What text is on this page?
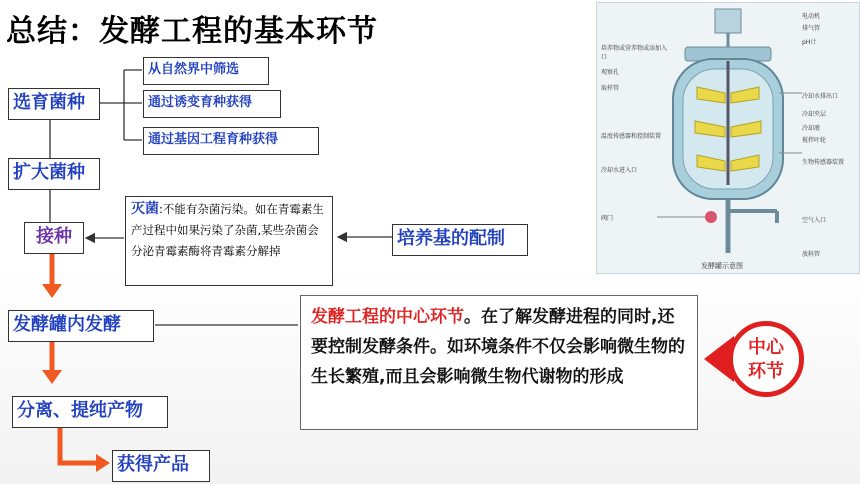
总结：发酵工程的基本环节
选育菌种
从自然界中筛选
通过诱变育种获得
通过基因工程育种获得
扩大菌种
接种
灭菌:不能有杂菌污染。如在青霉素生产过程中如果污染了杂菌,某些杂菌会分泌青霉素酶将青霉素分解掉
培养基的配制
发酵罐内发酵
分离、提纯产物
获得产品
发酵工程的中心环节。在了解发酵进程的同时,还要控制发酵条件。如环境条件不仅会影响微生物的生长繁殖,而且会影响微生物代谢物的形成
中心
环节
电动机
排气管
pH计
冷却水排出口
冷却夹层
冷却液
搅拌叶轮
生物传感器装置
空气入口
放料管
培养物或营养物或添加入口
观察孔
取样管
温度传感器和控制装置
冷却水进入口
阀门
发酵罐示意图
